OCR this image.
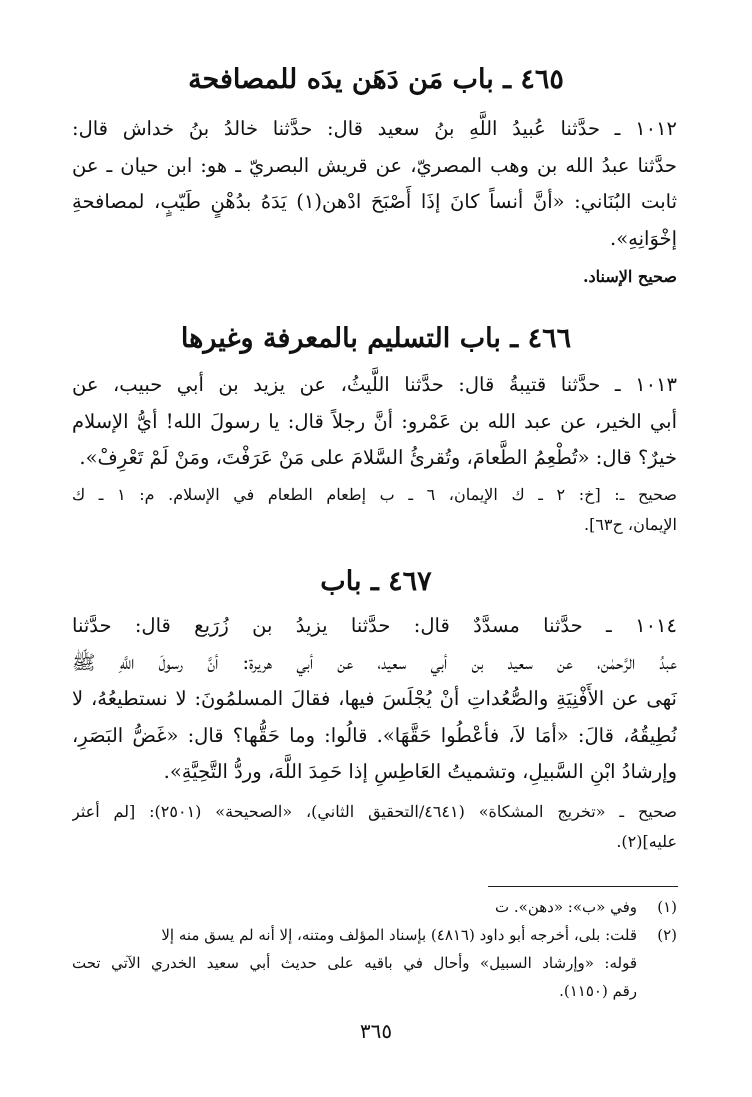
٤٦٥ ـ باب مَن دَهَن يدَه للمصافحة
١٠١٢ ـ حدَّثنا عُبيدُ اللَّهِ بنُ سعيد قال: حدَّثنا خالدُ بنُ خداش قال:
حدَّثنا عبدُ الله بن وهب المصريّ، عن قريش البصريّ ـ هو: ابن حيان ـ عن
ثابت البُنَاني: «أنَّ أنساً كانَ إذَا أَصْبَحَ ادْهن(١) يَدَهُ بدُهْنٍ طَيّبٍ، لمصافحةِ
إخْوَانِهِ».
صحيح الإسناد.
٤٦٦ ـ باب التسليم بالمعرفة وغيرها
١٠١٣ ـ حدَّثنا قتيبةُ قال: حدَّثنا اللَّيثُ، عن يزيد بن أبي حبيب، عن
أبي الخير، عن عبد الله بن عَمْرو: أنَّ رجلاً قال: يا رسولَ الله! أيُّ الإسلام
خيرٌ؟ قال: «تُطْعِمُ الطَّعامَ، وتُقرئُ السَّلامَ على مَنْ عَرَفْتَ، ومَنْ لَمْ تَعْرِفْ».
صحيح ـ: [خ: ٢ ـ ك الإيمان، ٦ ـ ب إطعام الطعام في الإسلام. م: ١ ـ ك
الإيمان، ح٦٣].
٤٦٧ ـ باب
١٠١٤ ـ حدَّثنا مسدَّدٌ قال: حدَّثنا يزيدُ بن زُرَيع قال: حدَّثنا
عبدُ الرَّحمٰن، عن سعيد بن أبي سعيد، عن أبي هريرة: أنَّ رسولَ اللَّهِ ﷺ
نَهى عن الأَفْنِيَةِ والصُّعُداتِ أنْ يُجْلَسَ فيها، فقالَ المسلمُونَ: لا نستطيعُهُ، لا
نُطِيقُهُ، قالَ: «أمَا لاَ، فأعْطُوا حَقَّهَا». قالُوا: وما حَقُّها؟ قال: «غَضُّ البَصَرِ،
وإرشادُ ابْنِ السَّبيلِ، وتشميتُ العَاطِسِ إذا حَمِدَ اللَّهَ، وردُّ التَّحِيَّةِ».
صحيح ـ «تخريج المشكاة» (٤٦٤١/التحقيق الثاني)، «الصحيحة» (٢٥٠١): [لم أعثر
عليه](٢).
(١)وفي «ب»: «دهن». ت
(٢)قلت: بلى، أخرجه أبو داود (٤٨١٦) بإسناد المؤلف ومتنه، إلا أنه لم يسق منه إلا
قوله: «وإرشاد السبيل» وأحال في باقيه على حديث أبي سعيد الخدري الآتي تحت
رقم (١١٥٠).
٣٦٥
